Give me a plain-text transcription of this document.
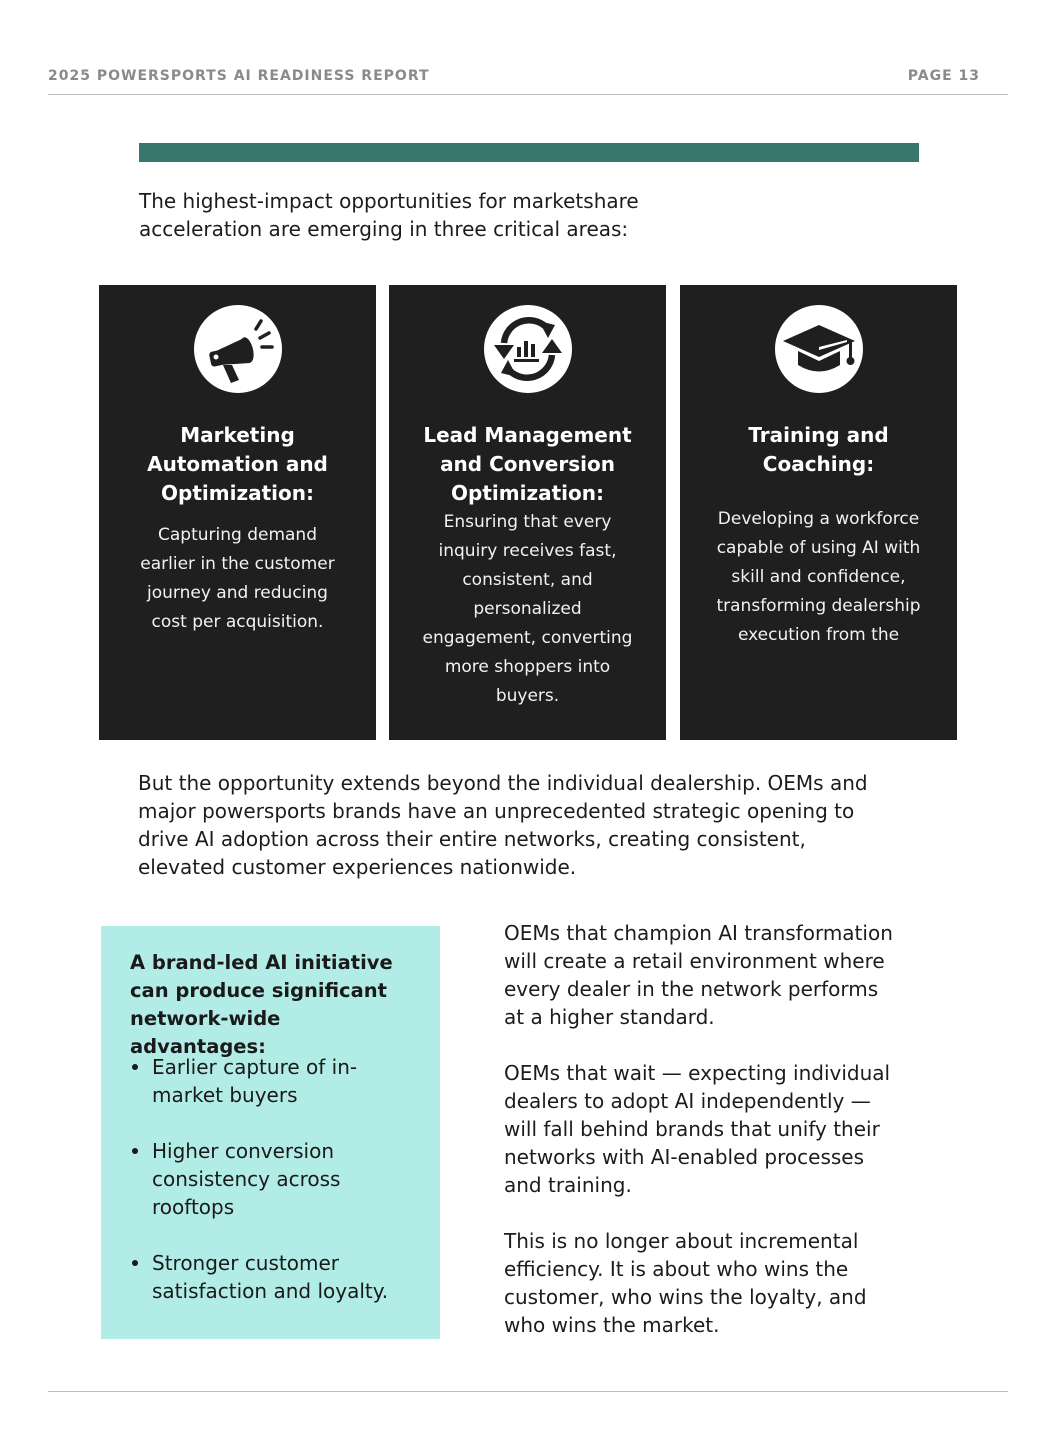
2025 POWERSPORTS AI READINESS REPORT	PAGE 13
The highest-impact opportunities for marketshare
acceleration are emerging in three critical areas:
Marketing
Automation and
Optimization:
Capturing demand
earlier in the customer
journey and reducing
cost per acquisition.
Lead Management
and Conversion
Optimization:
Ensuring that every
inquiry receives fast,
consistent, and
personalized
engagement, converting
more shoppers into
buyers.
Training and
Coaching:
Developing a workforce
capable of using AI with
skill and confidence,
transforming dealership
execution from the
But the opportunity extends beyond the individual dealership. OEMs and
major powersports brands have an unprecedented strategic opening to
drive AI adoption across their entire networks, creating consistent,
elevated customer experiences nationwide.
A brand-led AI initiative
can produce significant
network-wide advantages:
Earlier capture of in-
market buyers
Higher conversion
consistency across
rooftops
Stronger customer
satisfaction and loyalty.

OEMs that champion AI transformation
will create a retail environment where
every dealer in the network performs
at a higher standard.

OEMs that wait — expecting individual
dealers to adopt AI independently —
will fall behind brands that unify their
networks with AI-enabled processes
and training.

This is no longer about incremental
efficiency. It is about who wins the
customer, who wins the loyalty, and
who wins the market.
